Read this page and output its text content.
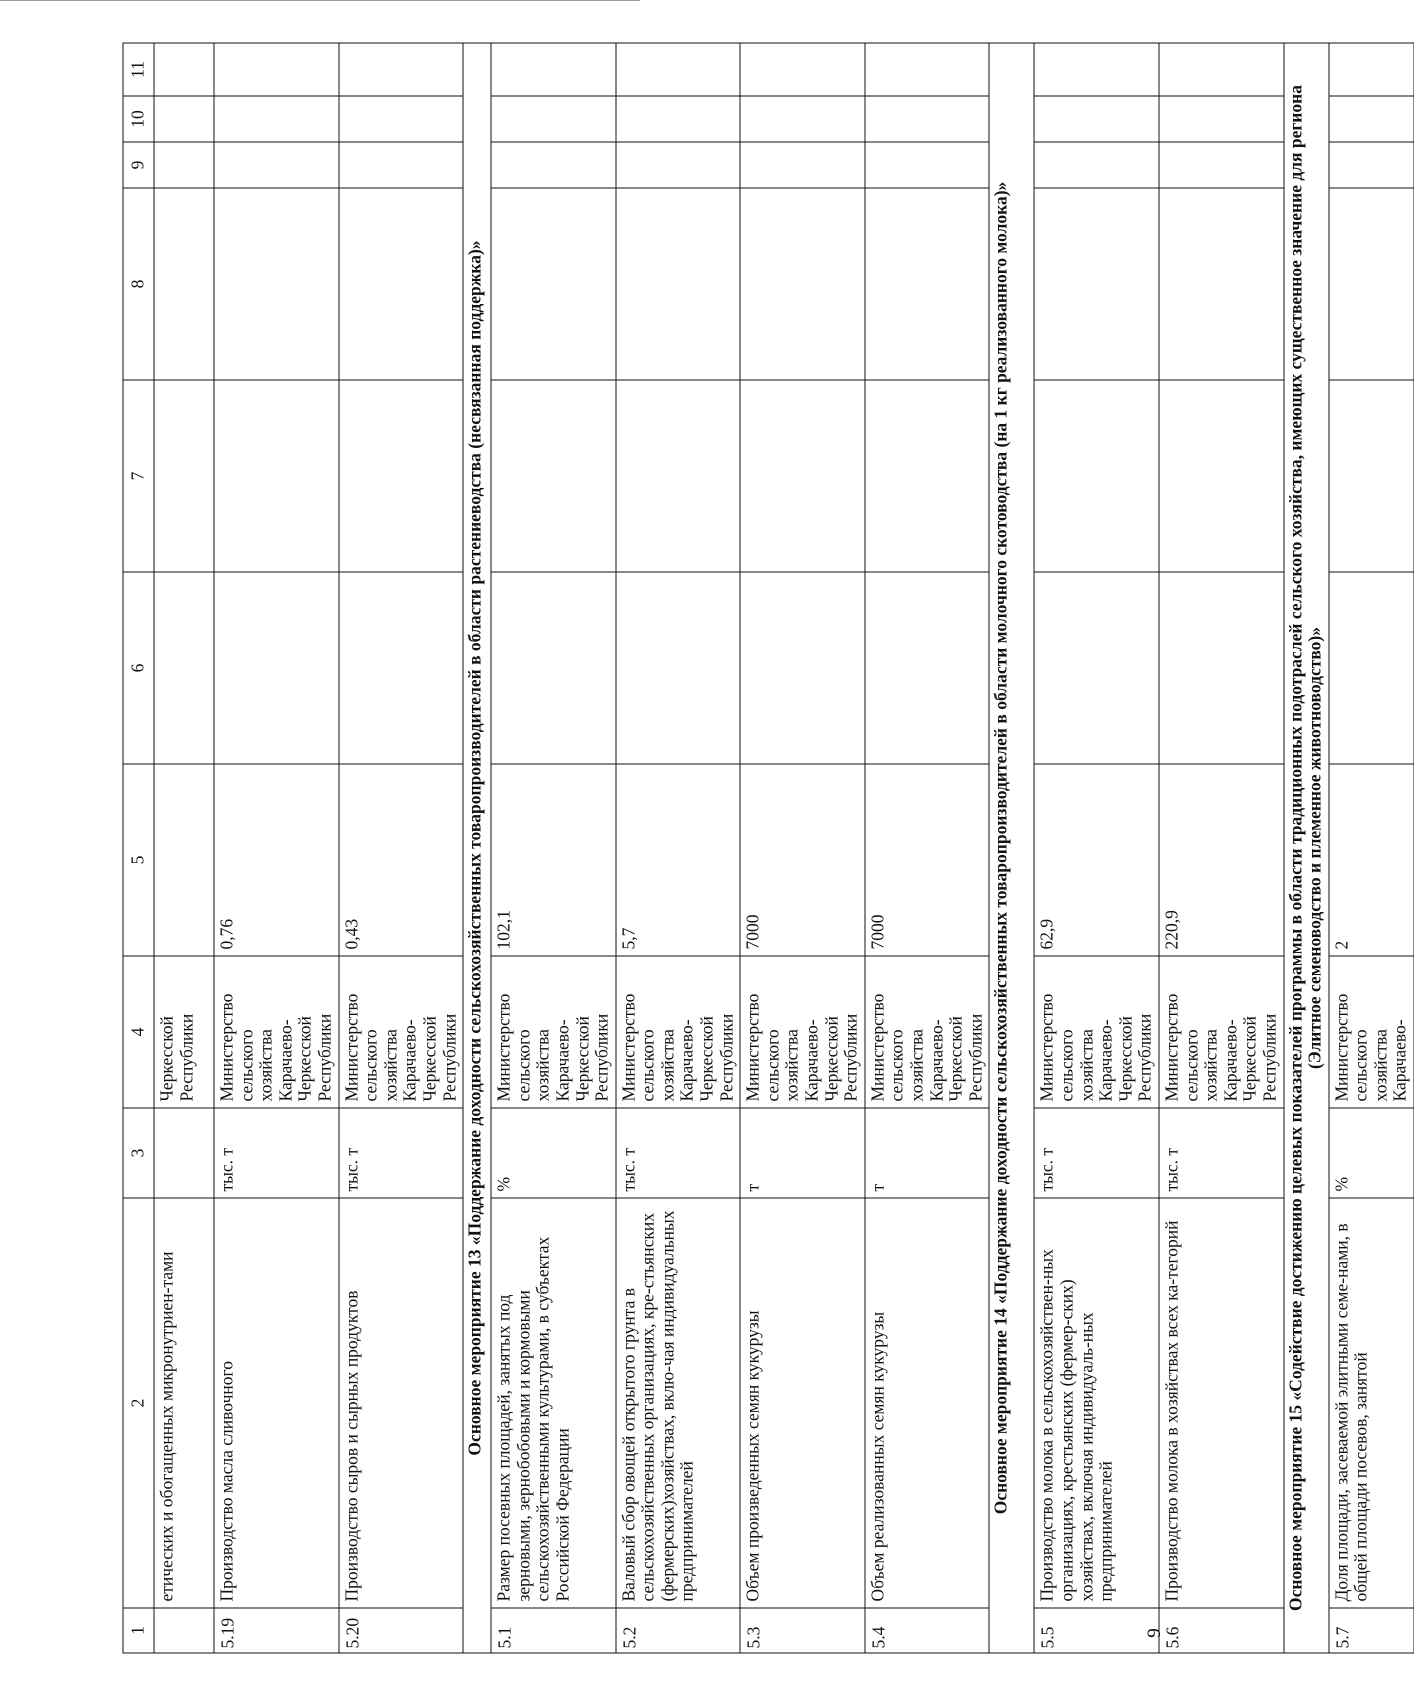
9
1	2	3	4	5	6	7	8	9	10	11
	етических и обогащенных микронутриен-тами		Черкесской Республики							
5.19	Производство масла сливочного	тыс. т	Министерство сельского хозяйства Карачаево-Черкесской Республики	0,76						
5.20	Производство сыров и сырных продуктов	тыс. т	Министерство сельского хозяйства Карачаево-Черкесской Республики	0,43						
Основное мероприятие 13 «Поддержание доходности сельскохозяйственных товаропроизводителей в области растениеводства (несвязанная поддержка)»										
5.1	Размер посевных площадей, занятых под зерновыми, зернобобовыми и кормовыми сельскохозяйственными культурами, в субъектах Российской Федерации	%	Министерство сельского хозяйства Карачаево-Черкесской Республики	102,1						
5.2	Валовый сбор овощей открытого грунта в сельскохозяйственных организациях, кре-стьянских (фермерских)хозяйствах, вклю-чая индивидуальных предпринимателей	тыс. т	Министерство сельского хозяйства Карачаево-Черкесской Республики	5,7						
5.3	Объем произведенных семян кукурузы	т	Министерство сельского хозяйства Карачаево-Черкесской Республики	7000						
5.4	Объем реализованных семян кукурузы	т	Министерство сельского хозяйства Карачаево-Черкесской Республики	7000						
Основное мероприятие 14 «Поддержание доходности сельскохозяйственных товаропроизводителей в области молочного скотоводства (на 1 кг реализованного молока)»										
5.5	Производство молока в сельскохозяйствен-ных организациях, крестьянских (фермер-ских) хозяйствах, включая индивидуаль-ных предпринимателей	тыс. т	Министерство сельского хозяйства Карачаево-Черкесской Республики	62,9						
5.6	Производство молока в хозяйствах всех ка-тегорий	тыс. т	Министерство сельского хозяйства Карачаево-Черкесской Республики	220,9						
Основное мероприятие 15 «Содействие достижению целевых показателей программы в области традиционных подотраслей сельского хозяйства, имеющих существенное значение для региона (Элитное семеноводство и племенное животноводство)»										
5.7	Доля площади, засеваемой элитными семе-нами, в общей площади посевов, занятой	%	Министерство сельского хозяйства Карачаево-	2						
